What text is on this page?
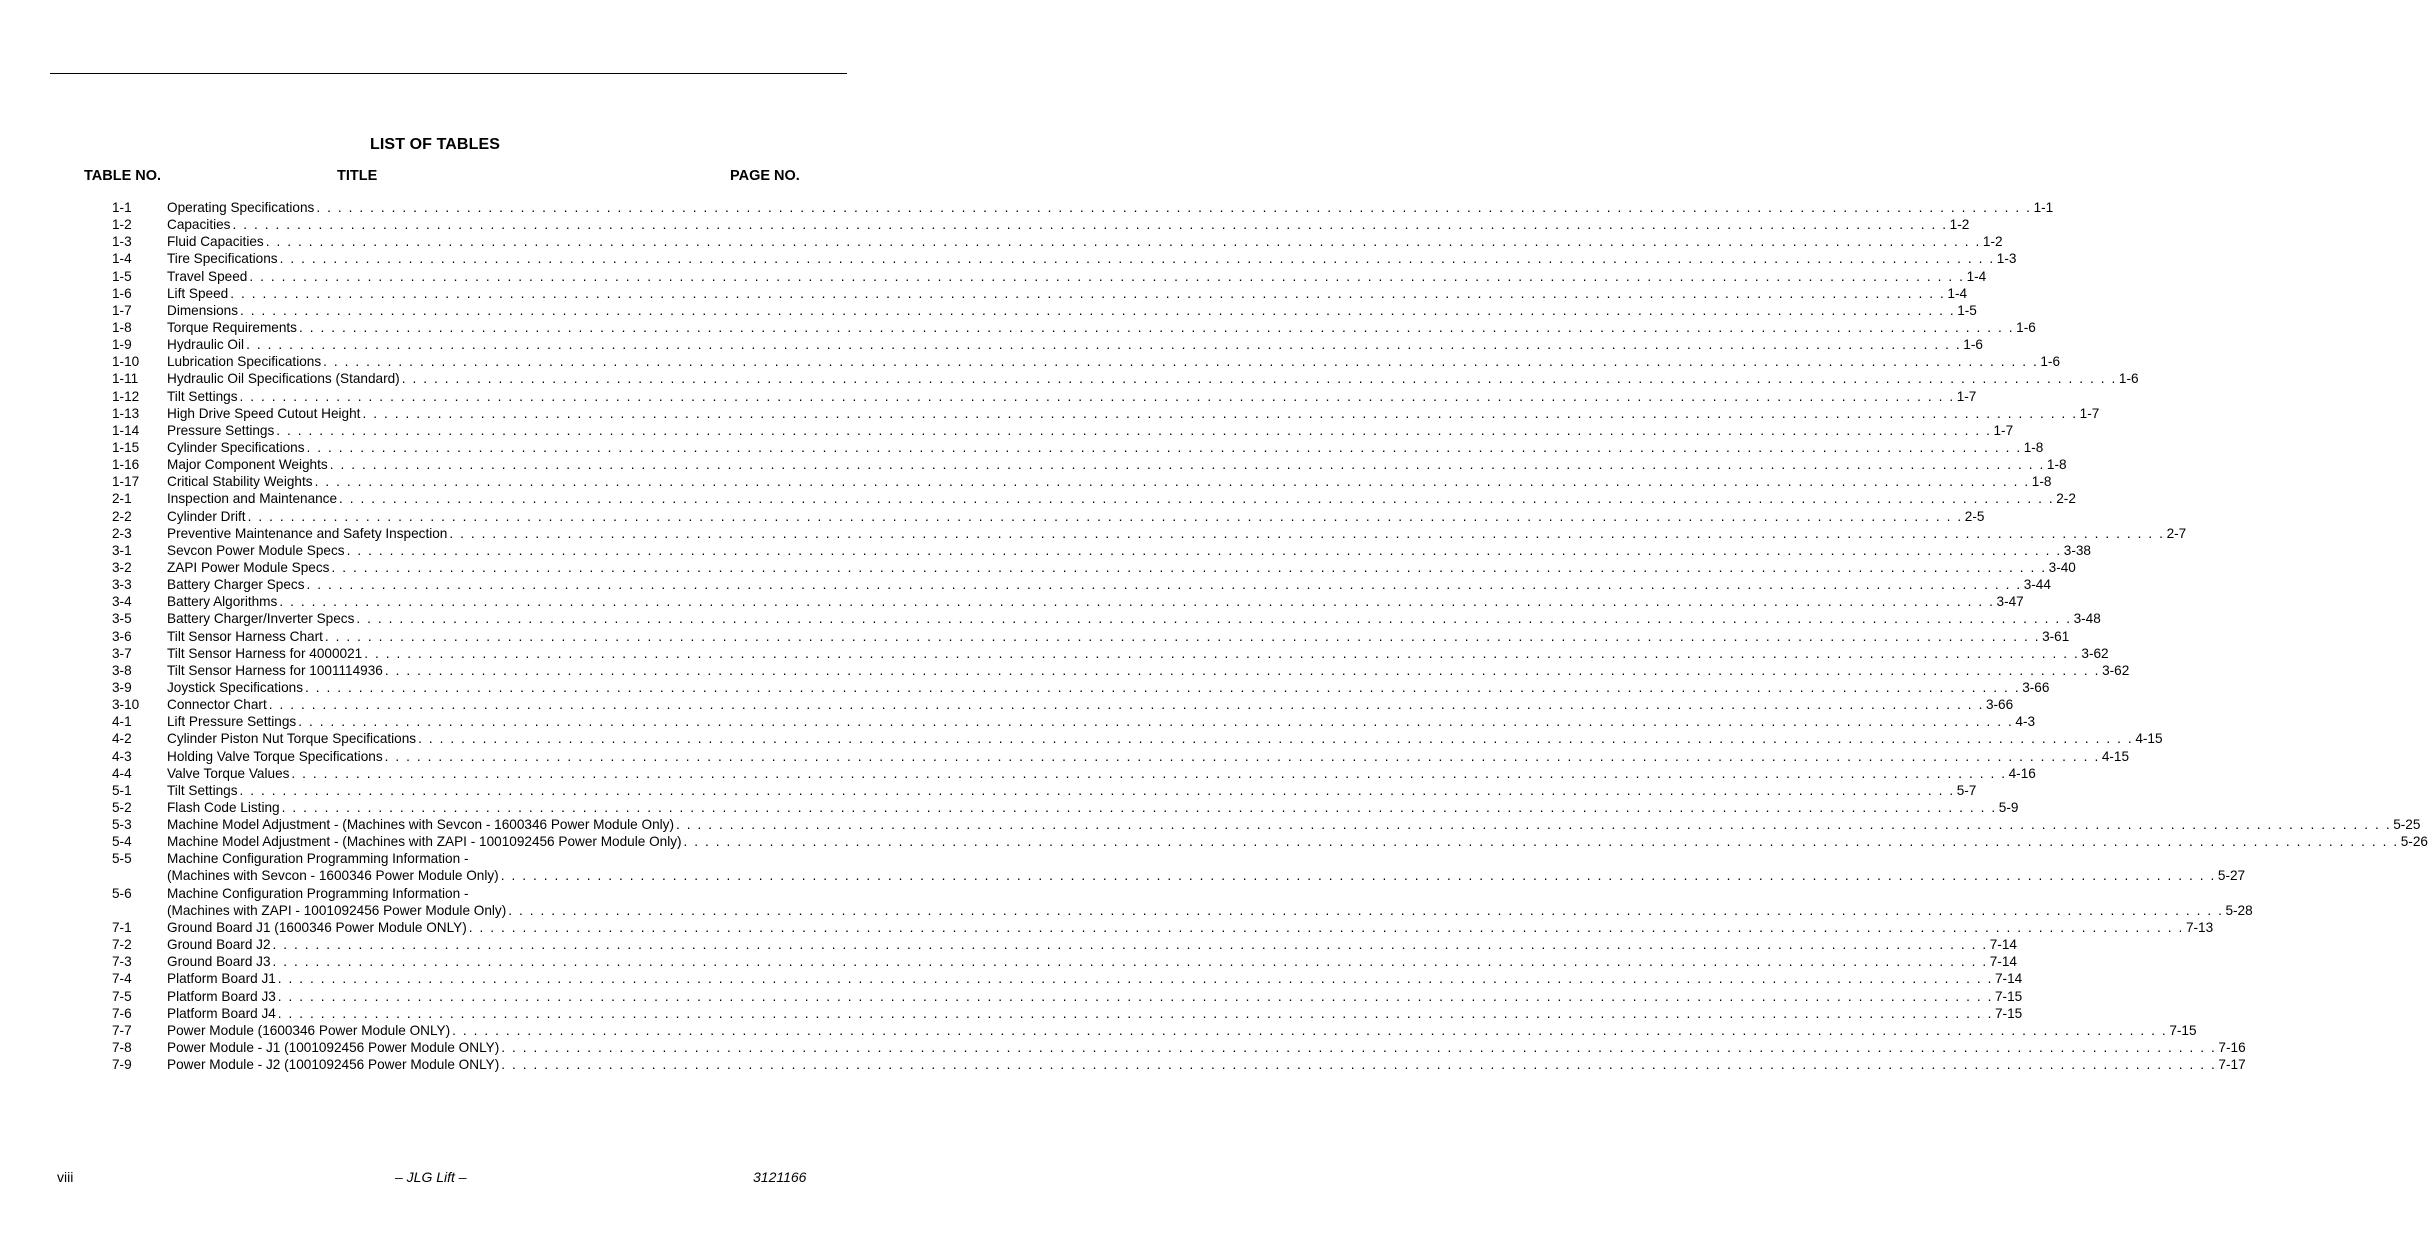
LIST OF TABLES
TABLE NO.	TITLE	PAGE NO.
1-1	Operating Specifications . . . . . . . . . . . . . . . . . . . . . . . . . . . . . . . . . . . . . . . . . . . . . . . . . . . . . . . . . . . . . . . . . . . . . . . . . . . . . . . . . . . . . . . . . . . . . . . . . . . . . . . . . . . . . . . . . . . . . . . . . . . . . . . . . . . . . . . . . . . . . . . . . . . . . . . . . . . . . . . . 1-1
1-2	Capacities . . . . . . . . . . . . . . . . . . . . . . . . . . . . . . . . . . . . . . . . . . . . . . . . . . . . . . . . . . . . . . . . . . . . . . . . . . . . . . . . . . . . . . . . . . . . . . . . . . . . . . . . . . . . . . . . . . . . . . . . . . . . . . . . . . . . . . . . . . . . . . . . . . . . . . . . . . . . . . . . 1-2
1-3	Fluid Capacities . . . . . . . . . . . . . . . . . . . . . . . . . . . . . . . . . . . . . . . . . . . . . . . . . . . . . . . . . . . . . . . . . . . . . . . . . . . . . . . . . . . . . . . . . . . . . . . . . . . . . . . . . . . . . . . . . . . . . . . . . . . . . . . . . . . . . . . . . . . . . . . . . . . . . . . . . . . . . . . . 1-2
1-4	Tire Specifications . . . . . . . . . . . . . . . . . . . . . . . . . . . . . . . . . . . . . . . . . . . . . . . . . . . . . . . . . . . . . . . . . . . . . . . . . . . . . . . . . . . . . . . . . . . . . . . . . . . . . . . . . . . . . . . . . . . . . . . . . . . . . . . . . . . . . . . . . . . . . . . . . . . . . . . . . . . . . . . . 1-3
1-5	Travel Speed . . . . . . . . . . . . . . . . . . . . . . . . . . . . . . . . . . . . . . . . . . . . . . . . . . . . . . . . . . . . . . . . . . . . . . . . . . . . . . . . . . . . . . . . . . . . . . . . . . . . . . . . . . . . . . . . . . . . . . . . . . . . . . . . . . . . . . . . . . . . . . . . . . . . . . . . . . . . . . . . 1-4
1-6	Lift Speed . . . . . . . . . . . . . . . . . . . . . . . . . . . . . . . . . . . . . . . . . . . . . . . . . . . . . . . . . . . . . . . . . . . . . . . . . . . . . . . . . . . . . . . . . . . . . . . . . . . . . . . . . . . . . . . . . . . . . . . . . . . . . . . . . . . . . . . . . . . . . . . . . . . . . . . . . . . . . . . . 1-4
1-7	Dimensions . . . . . . . . . . . . . . . . . . . . . . . . . . . . . . . . . . . . . . . . . . . . . . . . . . . . . . . . . . . . . . . . . . . . . . . . . . . . . . . . . . . . . . . . . . . . . . . . . . . . . . . . . . . . . . . . . . . . . . . . . . . . . . . . . . . . . . . . . . . . . . . . . . . . . . . . . . . . . . . . 1-5
1-8	Torque Requirements . . . . . . . . . . . . . . . . . . . . . . . . . . . . . . . . . . . . . . . . . . . . . . . . . . . . . . . . . . . . . . . . . . . . . . . . . . . . . . . . . . . . . . . . . . . . . . . . . . . . . . . . . . . . . . . . . . . . . . . . . . . . . . . . . . . . . . . . . . . . . . . . . . . . . . . . . . . . . . . . 1-6
1-9	Hydraulic Oil . . . . . . . . . . . . . . . . . . . . . . . . . . . . . . . . . . . . . . . . . . . . . . . . . . . . . . . . . . . . . . . . . . . . . . . . . . . . . . . . . . . . . . . . . . . . . . . . . . . . . . . . . . . . . . . . . . . . . . . . . . . . . . . . . . . . . . . . . . . . . . . . . . . . . . . . . . . . . . . . 1-6
1-10 Lubrication Specifications . . . . . . . . . . . . . . . . . . . . . . . . . . . . . . . . . . . . . . . . . . . . . . . . . . . . . . . . . . . . . . . . . . . . . . . . . . . . . . . . . . . . . . . . . . . . . . . . . . . . . . . . . . . . . . . . . . . . . . . . . . . . . . . . . . . . . . . . . . . . . . . . . . . . . . . . . . . . . . . . 1-6
1-11 Hydraulic Oil Specifications (Standard) . . . . . . . . . . . . . . . . . . . . . . . . . . . . . . . . . . . . . . . . . . . . . . . . . . . . . . . . . . . . . . . . . . . . . . . . . . . . . . . . . . . . . . . . . . . . . . . . . . . . . . . . . . . . . . . . . . . . . . . . . . . . . . . . . . . . . . . . . . . . . . . . . . . . . . . . . . . . . . . . 1-6
1-12 Tilt Settings . . . . . . . . . . . . . . . . . . . . . . . . . . . . . . . . . . . . . . . . . . . . . . . . . . . . . . . . . . . . . . . . . . . . . . . . . . . . . . . . . . . . . . . . . . . . . . . . . . . . . . . . . . . . . . . . . . . . . . . . . . . . . . . . . . . . . . . . . . . . . . . . . . . . . . . . . . . . . . . . 1-7
1-13 High Drive Speed Cutout Height . . . . . . . . . . . . . . . . . . . . . . . . . . . . . . . . . . . . . . . . . . . . . . . . . . . . . . . . . . . . . . . . . . . . . . . . . . . . . . . . . . . . . . . . . . . . . . . . . . . . . . . . . . . . . . . . . . . . . . . . . . . . . . . . . . . . . . . . . . . . . . . . . . . . . . . . . . . . . . . . 1-7
1-14 Pressure Settings . . . . . . . . . . . . . . . . . . . . . . . . . . . . . . . . . . . . . . . . . . . . . . . . . . . . . . . . . . . . . . . . . . . . . . . . . . . . . . . . . . . . . . . . . . . . . . . . . . . . . . . . . . . . . . . . . . . . . . . . . . . . . . . . . . . . . . . . . . . . . . . . . . . . . . . . . . . . . . . . 1-7
1-15 Cylinder Specifications . . . . . . . . . . . . . . . . . . . . . . . . . . . . . . . . . . . . . . . . . . . . . . . . . . . . . . . . . . . . . . . . . . . . . . . . . . . . . . . . . . . . . . . . . . . . . . . . . . . . . . . . . . . . . . . . . . . . . . . . . . . . . . . . . . . . . . . . . . . . . . . . . . . . . . . . . . . . . . . . 1-8
1-16 Major Component Weights . . . . . . . . . . . . . . . . . . . . . . . . . . . . . . . . . . . . . . . . . . . . . . . . . . . . . . . . . . . . . . . . . . . . . . . . . . . . . . . . . . . . . . . . . . . . . . . . . . . . . . . . . . . . . . . . . . . . . . . . . . . . . . . . . . . . . . . . . . . . . . . . . . . . . . . . . . . . . . . . 1-8
1-17 Critical Stability Weights . . . . . . . . . . . . . . . . . . . . . . . . . . . . . . . . . . . . . . . . . . . . . . . . . . . . . . . . . . . . . . . . . . . . . . . . . . . . . . . . . . . . . . . . . . . . . . . . . . . . . . . . . . . . . . . . . . . . . . . . . . . . . . . . . . . . . . . . . . . . . . . . . . . . . . . . . . . . . . . . 1-8
2-1	Inspection and Maintenance . . . . . . . . . . . . . . . . . . . . . . . . . . . . . . . . . . . . . . . . . . . . . . . . . . . . . . . . . . . . . . . . . . . . . . . . . . . . . . . . . . . . . . . . . . . . . . . . . . . . . . . . . . . . . . . . . . . . . . . . . . . . . . . . . . . . . . . . . . . . . . . . . . . . . . . . . . . . . . . . 2-2
2-2	Cylinder Drift . . . . . . . . . . . . . . . . . . . . . . . . . . . . . . . . . . . . . . . . . . . . . . . . . . . . . . . . . . . . . . . . . . . . . . . . . . . . . . . . . . . . . . . . . . . . . . . . . . . . . . . . . . . . . . . . . . . . . . . . . . . . . . . . . . . . . . . . . . . . . . . . . . . . . . . . . . . . . . . . 2-5
2-3	Preventive Maintenance and Safety Inspection . . . . . . . . . . . . . . . . . . . . . . . . . . . . . . . . . . . . . . . . . . . . . . . . . . . . . . . . . . . . . . . . . . . . . . . . . . . . . . . . . . . . . . . . . . . . . . . . . . . . . . . . . . . . . . . . . . . . . . . . . . . . . . . . . . . . . . . . . . . . . . . . . . . . . . . . . . . . . . . . 2-7
3-1	Sevcon Power Module Specs . . . . . . . . . . . . . . . . . . . . . . . . . . . . . . . . . . . . . . . . . . . . . . . . . . . . . . . . . . . . . . . . . . . . . . . . . . . . . . . . . . . . . . . . . . . . . . . . . . . . . . . . . . . . . . . . . . . . . . . . . . . . . . . . . . . . . . . . . . . . . . . . . . . . . . . . . . . . . . . . 3-38
3-2	ZAPI Power Module Specs . . . . . . . . . . . . . . . . . . . . . . . . . . . . . . . . . . . . . . . . . . . . . . . . . . . . . . . . . . . . . . . . . . . . . . . . . . . . . . . . . . . . . . . . . . . . . . . . . . . . . . . . . . . . . . . . . . . . . . . . . . . . . . . . . . . . . . . . . . . . . . . . . . . . . . . . . . . . . . . . 3-40
3-3	Battery Charger Specs . . . . . . . . . . . . . . . . . . . . . . . . . . . . . . . . . . . . . . . . . . . . . . . . . . . . . . . . . . . . . . . . . . . . . . . . . . . . . . . . . . . . . . . . . . . . . . . . . . . . . . . . . . . . . . . . . . . . . . . . . . . . . . . . . . . . . . . . . . . . . . . . . . . . . . . . . . . . . . . . 3-44
3-4	Battery Algorithms . . . . . . . . . . . . . . . . . . . . . . . . . . . . . . . . . . . . . . . . . . . . . . . . . . . . . . . . . . . . . . . . . . . . . . . . . . . . . . . . . . . . . . . . . . . . . . . . . . . . . . . . . . . . . . . . . . . . . . . . . . . . . . . . . . . . . . . . . . . . . . . . . . . . . . . . . . . . . . . . 3-47
3-5	Battery Charger/Inverter Specs . . . . . . . . . . . . . . . . . . . . . . . . . . . . . . . . . . . . . . . . . . . . . . . . . . . . . . . . . . . . . . . . . . . . . . . . . . . . . . . . . . . . . . . . . . . . . . . . . . . . . . . . . . . . . . . . . . . . . . . . . . . . . . . . . . . . . . . . . . . . . . . . . . . . . . . . . . . . . . . . 3-48
3-6	Tilt Sensor Harness Chart . . . . . . . . . . . . . . . . . . . . . . . . . . . . . . . . . . . . . . . . . . . . . . . . . . . . . . . . . . . . . . . . . . . . . . . . . . . . . . . . . . . . . . . . . . . . . . . . . . . . . . . . . . . . . . . . . . . . . . . . . . . . . . . . . . . . . . . . . . . . . . . . . . . . . . . . . . . . . . . . 3-61
3-7	Tilt Sensor Harness for 4000021 . . . . . . . . . . . . . . . . . . . . . . . . . . . . . . . . . . . . . . . . . . . . . . . . . . . . . . . . . . . . . . . . . . . . . . . . . . . . . . . . . . . . . . . . . . . . . . . . . . . . . . . . . . . . . . . . . . . . . . . . . . . . . . . . . . . . . . . . . . . . . . . . . . . . . . . . . . . . . . . . 3-62
3-8	Tilt Sensor Harness for 1001114936 . . . . . . . . . . . . . . . . . . . . . . . . . . . . . . . . . . . . . . . . . . . . . . . . . . . . . . . . . . . . . . . . . . . . . . . . . . . . . . . . . . . . . . . . . . . . . . . . . . . . . . . . . . . . . . . . . . . . . . . . . . . . . . . . . . . . . . . . . . . . . . . . . . . . . . . . . . . . . . . . 3-62
3-9	Joystick Specifications . . . . . . . . . . . . . . . . . . . . . . . . . . . . . . . . . . . . . . . . . . . . . . . . . . . . . . . . . . . . . . . . . . . . . . . . . . . . . . . . . . . . . . . . . . . . . . . . . . . . . . . . . . . . . . . . . . . . . . . . . . . . . . . . . . . . . . . . . . . . . . . . . . . . . . . . . . . . . . . . 3-66
3-10 Connector Chart . . . . . . . . . . . . . . . . . . . . . . . . . . . . . . . . . . . . . . . . . . . . . . . . . . . . . . . . . . . . . . . . . . . . . . . . . . . . . . . . . . . . . . . . . . . . . . . . . . . . . . . . . . . . . . . . . . . . . . . . . . . . . . . . . . . . . . . . . . . . . . . . . . . . . . . . . . . . . . . . 3-66
4-1	Lift Pressure Settings . . . . . . . . . . . . . . . . . . . . . . . . . . . . . . . . . . . . . . . . . . . . . . . . . . . . . . . . . . . . . . . . . . . . . . . . . . . . . . . . . . . . . . . . . . . . . . . . . . . . . . . . . . . . . . . . . . . . . . . . . . . . . . . . . . . . . . . . . . . . . . . . . . . . . . . . . . . . . . . . 4-3
4-2	Cylinder Piston Nut Torque Specifications . . . . . . . . . . . . . . . . . . . . . . . . . . . . . . . . . . . . . . . . . . . . . . . . . . . . . . . . . . . . . . . . . . . . . . . . . . . . . . . . . . . . . . . . . . . . . . . . . . . . . . . . . . . . . . . . . . . . . . . . . . . . . . . . . . . . . . . . . . . . . . . . . . . . . . . . . . . . . . . . 4-15
4-3	Holding Valve Torque Specifications . . . . . . . . . . . . . . . . . . . . . . . . . . . . . . . . . . . . . . . . . . . . . . . . . . . . . . . . . . . . . . . . . . . . . . . . . . . . . . . . . . . . . . . . . . . . . . . . . . . . . . . . . . . . . . . . . . . . . . . . . . . . . . . . . . . . . . . . . . . . . . . . . . . . . . . . . . . . . . . . 4-15
4-4	Valve Torque Values . . . . . . . . . . . . . . . . . . . . . . . . . . . . . . . . . . . . . . . . . . . . . . . . . . . . . . . . . . . . . . . . . . . . . . . . . . . . . . . . . . . . . . . . . . . . . . . . . . . . . . . . . . . . . . . . . . . . . . . . . . . . . . . . . . . . . . . . . . . . . . . . . . . . . . . . . . . . . . . . 4-16
5-1	Tilt Settings . . . . . . . . . . . . . . . . . . . . . . . . . . . . . . . . . . . . . . . . . . . . . . . . . . . . . . . . . . . . . . . . . . . . . . . . . . . . . . . . . . . . . . . . . . . . . . . . . . . . . . . . . . . . . . . . . . . . . . . . . . . . . . . . . . . . . . . . . . . . . . . . . . . . . . . . . . . . . . . . 5-7
5-2	Flash Code Listing . . . . . . . . . . . . . . . . . . . . . . . . . . . . . . . . . . . . . . . . . . . . . . . . . . . . . . . . . . . . . . . . . . . . . . . . . . . . . . . . . . . . . . . . . . . . . . . . . . . . . . . . . . . . . . . . . . . . . . . . . . . . . . . . . . . . . . . . . . . . . . . . . . . . . . . . . . . . . . . . 5-9
5-3	Machine Model Adjustment - (Machines with Sevcon - 1600346 Power Module Only) . . . . . . . . . . . . . . . . . . . . . . . . . . . . . . . . . . . . . . . . . . . . . . . . . . . . . . . . . . . . . . . . . . . . . . . . . . . . . . . . . . . . . . . . . . . . . . . . . . . . . . . . . . . . . . . . . . . . . . . . . . . . . . . . . . . . . . . . . . . . . . . . . . . . . . . . . . . . . . . . 5-25
5-4	Machine Model Adjustment - (Machines with ZAPI - 1001092456 Power Module Only) . . . . . . . . . . . . . . . . . . . . . . . . . . . . . . . . . . . . . . . . . . . . . . . . . . . . . . . . . . . . . . . . . . . . . . . . . . . . . . . . . . . . . . . . . . . . . . . . . . . . . . . . . . . . . . . . . . . . . . . . . . . . . . . . . . . . . . . . . . . . . . . . . . . . . . . . . . . . . . . . 5-26
5-5	Machine Configuration Programming Information -
(Machines with Sevcon - 1600346 Power Module Only) . . . . . . . . . . . . . . . . . . . . . . . . . . . . . . . . . . . . . . . . . . . . . . . . . . . . . . . . . . . . . . . . . . . . . . . . . . . . . . . . . . . . . . . . . . . . . . . . . . . . . . . . . . . . . . . . . . . . . . . . . . . . . . . . . . . . . . . . . . . . . . . . . . . . . . . . . . . . . . . . 5-27
5-6	Machine Configuration Programming Information -
(Machines with ZAPI - 1001092456 Power Module Only) . . . . . . . . . . . . . . . . . . . . . . . . . . . . . . . . . . . . . . . . . . . . . . . . . . . . . . . . . . . . . . . . . . . . . . . . . . . . . . . . . . . . . . . . . . . . . . . . . . . . . . . . . . . . . . . . . . . . . . . . . . . . . . . . . . . . . . . . . . . . . . . . . . . . . . . . . . . . . . . . 5-28
7-1	Ground Board J1 (1600346 Power Module ONLY) . . . . . . . . . . . . . . . . . . . . . . . . . . . . . . . . . . . . . . . . . . . . . . . . . . . . . . . . . . . . . . . . . . . . . . . . . . . . . . . . . . . . . . . . . . . . . . . . . . . . . . . . . . . . . . . . . . . . . . . . . . . . . . . . . . . . . . . . . . . . . . . . . . . . . . . . . . . . . . . . 7-13
7-2	Ground Board J2 . . . . . . . . . . . . . . . . . . . . . . . . . . . . . . . . . . . . . . . . . . . . . . . . . . . . . . . . . . . . . . . . . . . . . . . . . . . . . . . . . . . . . . . . . . . . . . . . . . . . . . . . . . . . . . . . . . . . . . . . . . . . . . . . . . . . . . . . . . . . . . . . . . . . . . . . . . . . . . . . 7-14
7-3	Ground Board J3 . . . . . . . . . . . . . . . . . . . . . . . . . . . . . . . . . . . . . . . . . . . . . . . . . . . . . . . . . . . . . . . . . . . . . . . . . . . . . . . . . . . . . . . . . . . . . . . . . . . . . . . . . . . . . . . . . . . . . . . . . . . . . . . . . . . . . . . . . . . . . . . . . . . . . . . . . . . . . . . . 7-14
7-4	Platform Board J1 . . . . . . . . . . . . . . . . . . . . . . . . . . . . . . . . . . . . . . . . . . . . . . . . . . . . . . . . . . . . . . . . . . . . . . . . . . . . . . . . . . . . . . . . . . . . . . . . . . . . . . . . . . . . . . . . . . . . . . . . . . . . . . . . . . . . . . . . . . . . . . . . . . . . . . . . . . . . . . . . 7-14
7-5	Platform Board J3 . . . . . . . . . . . . . . . . . . . . . . . . . . . . . . . . . . . . . . . . . . . . . . . . . . . . . . . . . . . . . . . . . . . . . . . . . . . . . . . . . . . . . . . . . . . . . . . . . . . . . . . . . . . . . . . . . . . . . . . . . . . . . . . . . . . . . . . . . . . . . . . . . . . . . . . . . . . . . . . . 7-15
7-6	Platform Board J4 . . . . . . . . . . . . . . . . . . . . . . . . . . . . . . . . . . . . . . . . . . . . . . . . . . . . . . . . . . . . . . . . . . . . . . . . . . . . . . . . . . . . . . . . . . . . . . . . . . . . . . . . . . . . . . . . . . . . . . . . . . . . . . . . . . . . . . . . . . . . . . . . . . . . . . . . . . . . . . . . 7-15
7-7	Power Module (1600346 Power Module ONLY) . . . . . . . . . . . . . . . . . . . . . . . . . . . . . . . . . . . . . . . . . . . . . . . . . . . . . . . . . . . . . . . . . . . . . . . . . . . . . . . . . . . . . . . . . . . . . . . . . . . . . . . . . . . . . . . . . . . . . . . . . . . . . . . . . . . . . . . . . . . . . . . . . . . . . . . . . . . . . . . . 7-15
7-8	Power Module - J1 (1001092456 Power Module ONLY) . . . . . . . . . . . . . . . . . . . . . . . . . . . . . . . . . . . . . . . . . . . . . . . . . . . . . . . . . . . . . . . . . . . . . . . . . . . . . . . . . . . . . . . . . . . . . . . . . . . . . . . . . . . . . . . . . . . . . . . . . . . . . . . . . . . . . . . . . . . . . . . . . . . . . . . . . . . . . . . . 7-16
7-9	Power Module - J2 (1001092456 Power Module ONLY) . . . . . . . . . . . . . . . . . . . . . . . . . . . . . . . . . . . . . . . . . . . . . . . . . . . . . . . . . . . . . . . . . . . . . . . . . . . . . . . . . . . . . . . . . . . . . . . . . . . . . . . . . . . . . . . . . . . . . . . . . . . . . . . . . . . . . . . . . . . . . . . . . . . . . . . . . . . . . . . . 7-17
viii	– JLG Lift –	3121166
